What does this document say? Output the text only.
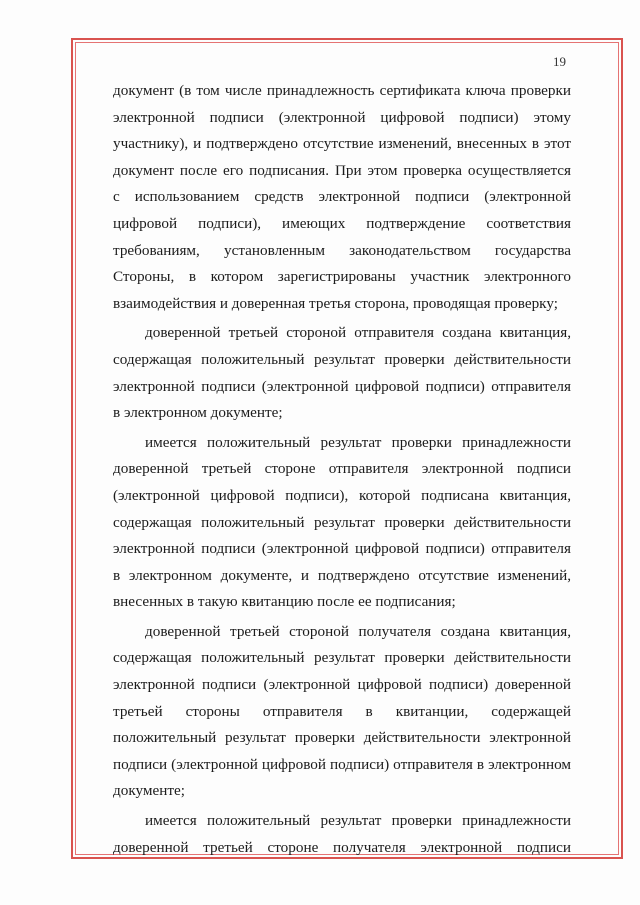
19
документ (в том числе принадлежность сертификата ключа проверки
электронной подписи (электронной цифровой подписи) этому
участнику), и подтверждено отсутствие изменений, внесенных в этот
документ после его подписания. При этом проверка осуществляется
с использованием средств электронной подписи (электронной
цифровой подписи), имеющих подтверждение соответствия
требованиям, установленным законодательством государства
Стороны, в котором зарегистрированы участник электронного
взаимодействия и доверенная третья сторона, проводящая проверку;
доверенной третьей стороной отправителя создана квитанция,
содержащая положительный результат проверки действительности
электронной подписи (электронной цифровой подписи) отправителя
в электронном документе;
имеется положительный результат проверки принадлежности
доверенной третьей стороне отправителя электронной подписи
(электронной цифровой подписи), которой подписана квитанция,
содержащая положительный результат проверки действительности
электронной подписи (электронной цифровой подписи) отправителя
в электронном документе, и подтверждено отсутствие изменений,
внесенных в такую квитанцию после ее подписания;
доверенной третьей стороной получателя создана квитанция,
содержащая положительный результат проверки действительности
электронной подписи (электронной цифровой подписи) доверенной
третьей стороны отправителя в квитанции, содержащей
положительный результат проверки действительности электронной
подписи (электронной цифровой подписи) отправителя в электронном
документе;
имеется положительный результат проверки принадлежности
доверенной третьей стороне получателя электронной подписи
